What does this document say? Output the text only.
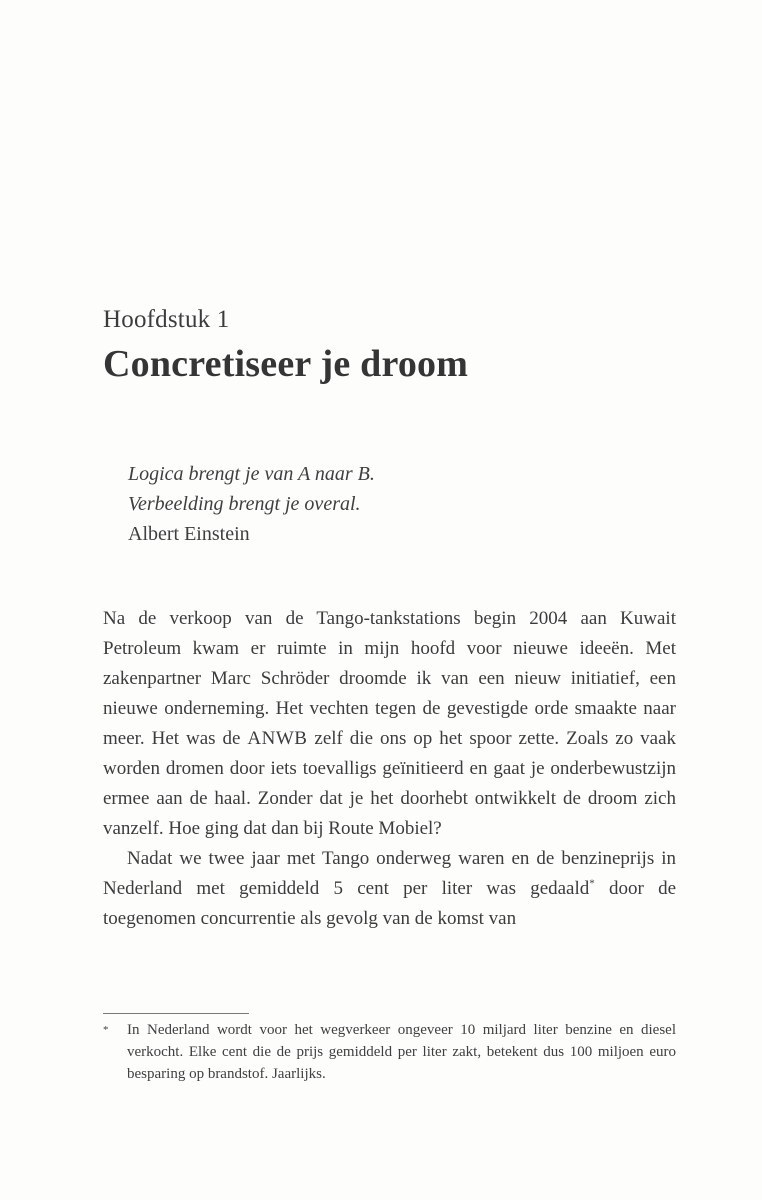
Hoofdstuk 1
Concretiseer je droom
Logica brengt je van A naar B.
Verbeelding brengt je overal.
Albert Einstein

Na de verkoop van de Tango-tankstations begin 2004 aan Kuwait Petroleum kwam er ruimte in mijn hoofd voor nieuwe ideeën. Met zakenpartner Marc Schröder droomde ik van een nieuw initiatief, een nieuwe onderneming. Het vechten tegen de gevestigde orde smaakte naar meer. Het was de ANWB zelf die ons op het spoor zette. Zoals zo vaak worden dromen door iets toevalligs geïnitieerd en gaat je onderbewustzijn ermee aan de haal. Zonder dat je het doorhebt ontwikkelt de droom zich vanzelf. Hoe ging dat dan bij Route Mobiel?

Nadat we twee jaar met Tango onderweg waren en de benzineprijs in Nederland met gemiddeld 5 cent per liter was gedaald* door de toegenomen concurrentie als gevolg van de komst van

* In Nederland wordt voor het wegverkeer ongeveer 10 miljard liter benzine en diesel verkocht. Elke cent die de prijs gemiddeld per liter zakt, betekent dus 100 miljoen euro besparing op brandstof. Jaarlijks.
